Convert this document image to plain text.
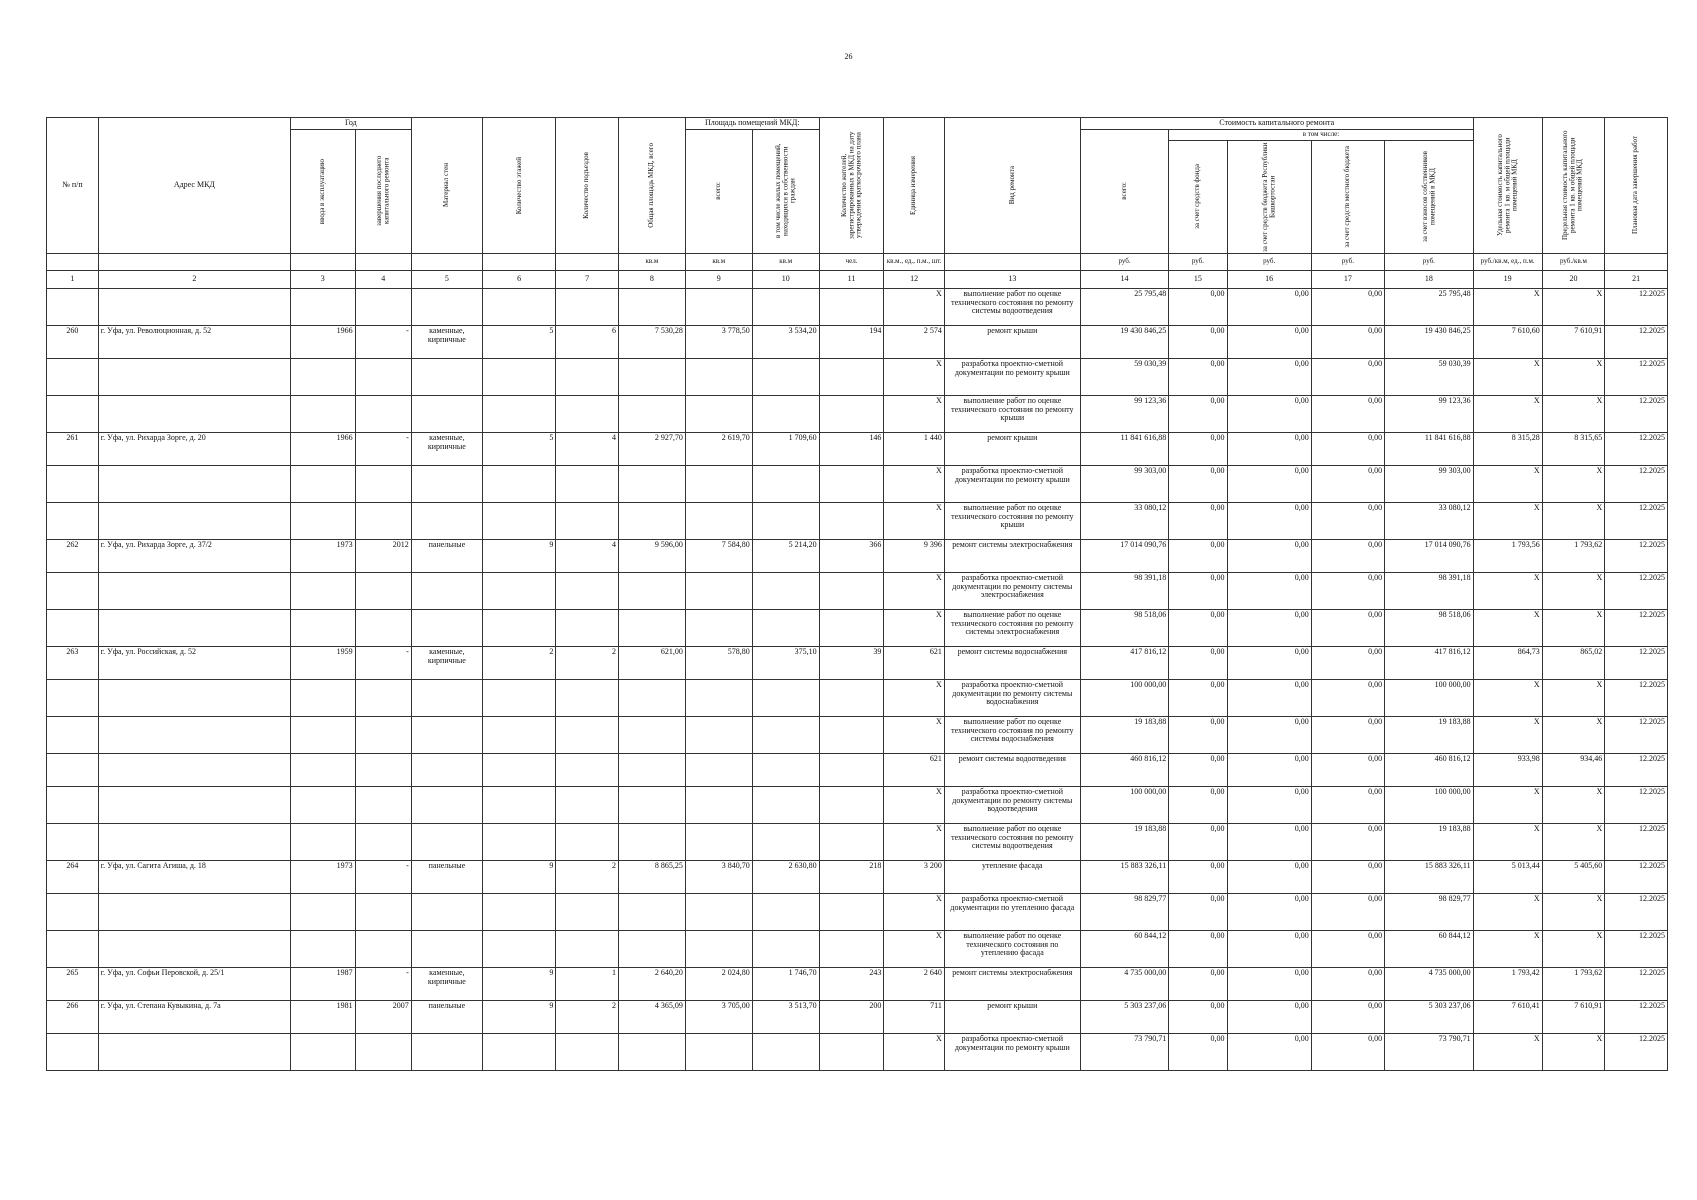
26
№ п/п	Адрес МКД	Год		Материал стен	Количество этажей	Количество подъездов	Общая площадь МКД, всего	Площадь помещений МКД:		Количество жителей, зарегистрированных в МКД на дату утверждения краткосрочного плана	Единица измерения	Вид ремонта	Стоимость капитального ремонта					Удельная стоимость капитального ремонта 1 кв. м общей площади помещений МКД	Предельная стоимость капитального ремонта 1 кв. м общей площади помещений МКД	Плановая дата завершения работ

		ввода в эксплуатацию	завершения последнего капитального ремонта					всего:	в том числе жилых помещений, находящихся в собственности граждан				всего:	в том числе:						

														за счет средств фонда	за счет средств бюджета Республики Башкортостан	за счет средств местного бюджета	за счет взносов собственников помещений в МКД			

							кв.м	кв.м	кв.м	чел.	кв.м., ед., п.м., шт.		руб.	руб.	руб.	руб.	руб.	руб./кв.м, ед., п.м.	руб./кв.м	
1	2	3	4	5	6	7	8	9	10	11	12	13	14	15	16	17	18	19	20	21
											X	выполнение работ по оценке технического состояния по ремонту системы водоотведения	25 795,48	0,00	0,00	0,00	25 795,48	X	X	12.2025
260	г. Уфа, ул. Революционная, д. 52	1966	-	каменные, кирпичные	5	6	7 530,28	3 778,50	3 534,20	194	2 574	ремонт крыши	19 430 846,25	0,00	0,00	0,00	19 430 846,25	7 610,60	7 610,91	12.2025
											X	разработка проектно-сметной документации по ремонту крыши	59 030,39	0,00	0,00	0,00	59 030,39	X	X	12.2025
											X	выполнение работ по оценке технического состояния по ремонту крыши	99 123,36	0,00	0,00	0,00	99 123,36	X	X	12.2025
261	г. Уфа, ул. Рихарда Зорге, д. 20	1966	-	каменные, кирпичные	5	4	2 927,70	2 619,70	1 709,60	146	1 440	ремонт крыши	11 841 616,88	0,00	0,00	0,00	11 841 616,88	8 315,28	8 315,65	12.2025
											X	разработка проектно-сметной документации по ремонту крыши	99 303,00	0,00	0,00	0,00	99 303,00	X	X	12.2025
											X	выполнение работ по оценке технического состояния по ремонту крыши	33 080,12	0,00	0,00	0,00	33 080,12	X	X	12.2025
262	г. Уфа, ул. Рихарда Зорге, д. 37/2	1973	2012	панельные	9	4	9 596,00	7 584,80	5 214,20	366	9 396	ремонт системы электроснабжения	17 014 090,76	0,00	0,00	0,00	17 014 090,76	1 793,56	1 793,62	12.2025
											X	разработка проектно-сметной документации по ремонту системы электроснабжения	98 391,18	0,00	0,00	0,00	98 391,18	X	X	12.2025
											X	выполнение работ по оценке технического состояния по ремонту системы электроснабжения	98 518,06	0,00	0,00	0,00	98 518,06	X	X	12.2025
263	г. Уфа, ул. Российская, д. 52	1959	-	каменные, кирпичные	2	2	621,00	578,80	375,10	39	621	ремонт системы водоснабжения	417 816,12	0,00	0,00	0,00	417 816,12	864,73	865,02	12.2025
											X	разработка проектно-сметной документации по ремонту системы водоснабжения	100 000,00	0,00	0,00	0,00	100 000,00	X	X	12.2025
											X	выполнение работ по оценке технического состояния по ремонту системы водоснабжения	19 183,88	0,00	0,00	0,00	19 183,88	X	X	12.2025
											621	ремонт системы водоотведения	460 816,12	0,00	0,00	0,00	460 816,12	933,98	934,46	12.2025
											X	разработка проектно-сметной документации по ремонту системы водоотведения	100 000,00	0,00	0,00	0,00	100 000,00	X	X	12.2025
											X	выполнение работ по оценке технического состояния по ремонту системы водоотведения	19 183,88	0,00	0,00	0,00	19 183,88	X	X	12.2025
264	г. Уфа, ул. Сагита Агиша, д. 18	1973	-	панельные	9	2	8 865,25	3 840,70	2 630,80	218	3 200	утепление фасада	15 883 326,11	0,00	0,00	0,00	15 883 326,11	5 013,44	5 405,60	12.2025
											X	разработка проектно-сметной документации по утеплению фасада	98 829,77	0,00	0,00	0,00	98 829,77	X	X	12.2025
											X	выполнение работ по оценке технического состояния по утеплению фасада	60 844,12	0,00	0,00	0,00	60 844,12	X	X	12.2025
265	г. Уфа, ул. Софьи Перовской, д. 25/1	1987	-	каменные, кирпичные	9	1	2 640,20	2 024,80	1 746,70	243	2 640	ремонт системы электроснабжения	4 735 000,00	0,00	0,00	0,00	4 735 000,00	1 793,42	1 793,62	12.2025
266	г. Уфа, ул. Степана Кувыкина, д. 7а	1981	2007	панельные	9	2	4 365,09	3 705,00	3 513,70	200	711	ремонт крыши	5 303 237,06	0,00	0,00	0,00	5 303 237,06	7 610,41	7 610,91	12.2025
											X	разработка проектно-сметной документации по ремонту крыши	73 790,71	0,00	0,00	0,00	73 790,71	X	X	12.2025
